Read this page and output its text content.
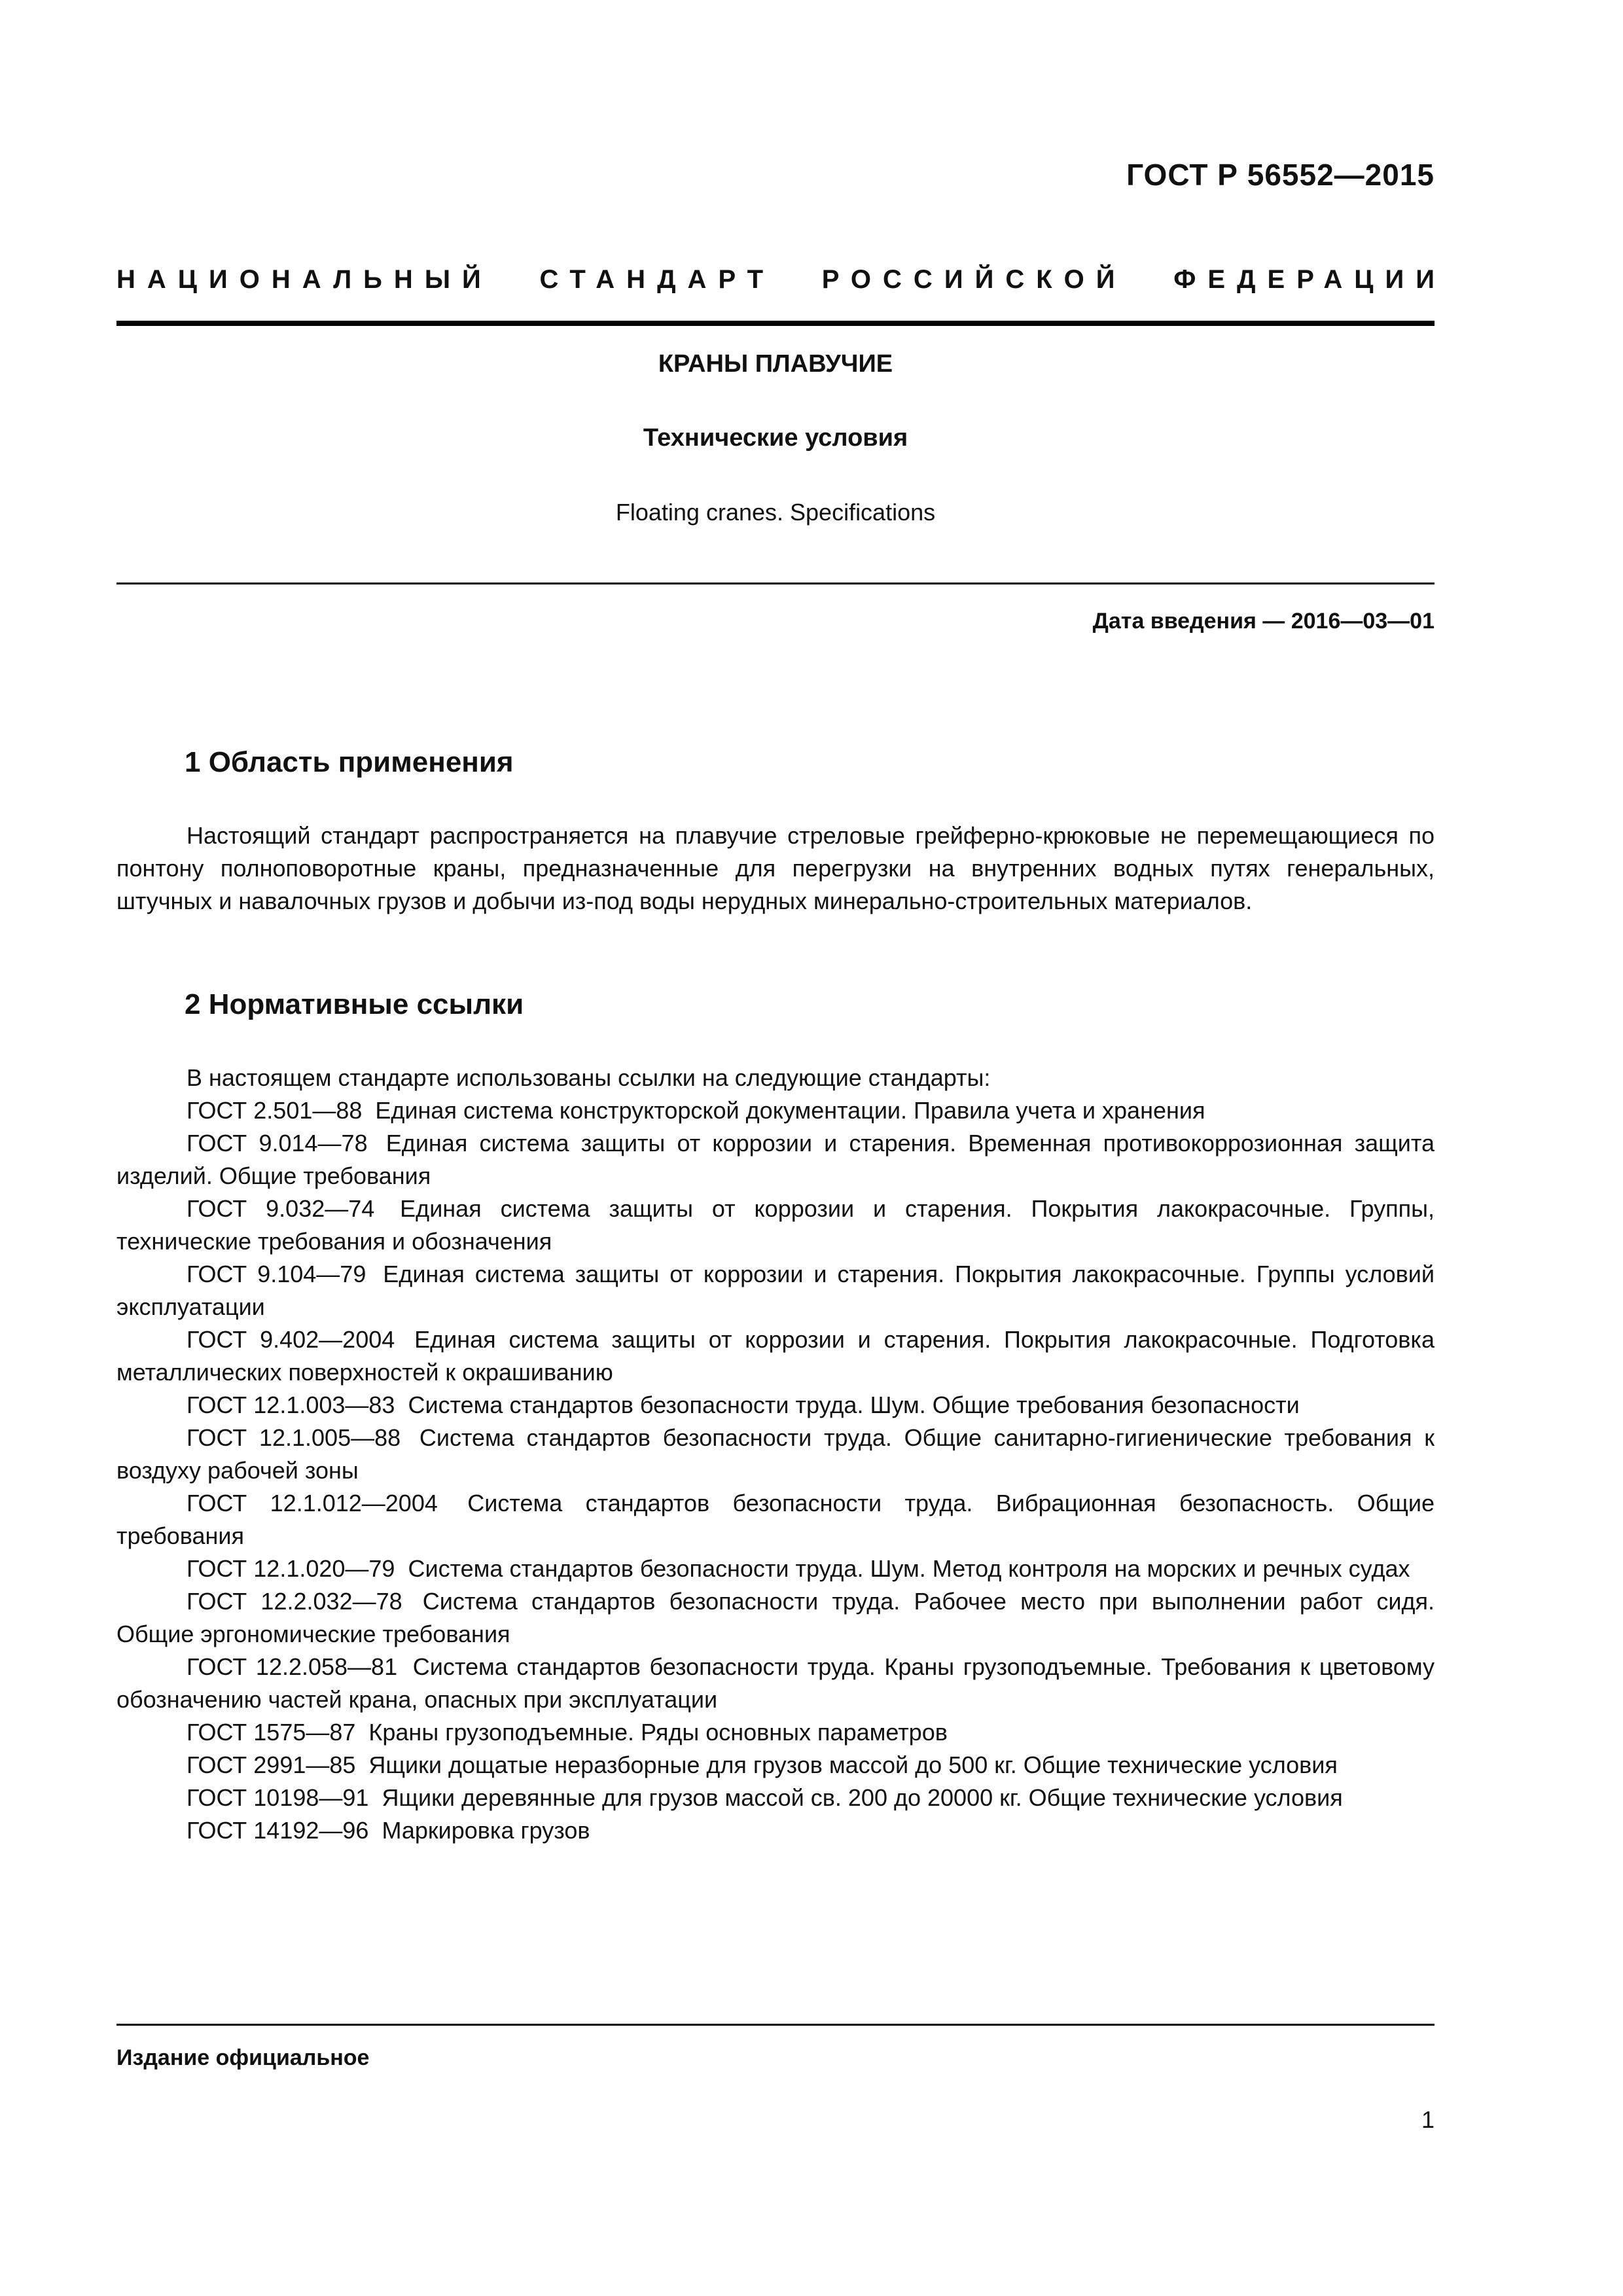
ГОСТ Р 56552—2015
НАЦИОНАЛЬНЫЙ СТАНДАРТ РОССИЙСКОЙ ФЕДЕРАЦИИ
КРАНЫ ПЛАВУЧИЕ
Технические условия
Floating cranes. Specifications
Дата введения — 2016—03—01
1 Область применения

Настоящий стандарт распространяется на плавучие стреловые грейферно-крюковые не перемещающиеся по понтону полноповоротные краны, предназначенные для перегрузки на внутренних водных путях генеральных, штучных и навалочных грузов и добычи из-под воды нерудных минерально-строительных материалов.

2 Нормативные ссылки

В настоящем стандарте использованы ссылки на следующие стандарты:

ГОСТ 2.501—88 Единая система конструкторской документации. Правила учета и хранения

ГОСТ 9.014—78 Единая система защиты от коррозии и старения. Временная противокоррозионная защита изделий. Общие требования

ГОСТ 9.032—74 Единая система защиты от коррозии и старения. Покрытия лакокрасочные. Группы, технические требования и обозначения

ГОСТ 9.104—79 Единая система защиты от коррозии и старения. Покрытия лакокрасочные. Группы условий эксплуатации

ГОСТ 9.402—2004 Единая система защиты от коррозии и старения. Покрытия лакокрасочные. Подготовка металлических поверхностей к окрашиванию

ГОСТ 12.1.003—83 Система стандартов безопасности труда. Шум. Общие требования безопасности

ГОСТ 12.1.005—88 Система стандартов безопасности труда. Общие санитарно-гигиенические требования к воздуху рабочей зоны

ГОСТ 12.1.012—2004 Система стандартов безопасности труда. Вибрационная безопасность. Общие требования

ГОСТ 12.1.020—79 Система стандартов безопасности труда. Шум. Метод контроля на морских и речных судах

ГОСТ 12.2.032—78 Система стандартов безопасности труда. Рабочее место при выполнении работ сидя. Общие эргономические требования

ГОСТ 12.2.058—81 Система стандартов безопасности труда. Краны грузоподъемные. Требования к цветовому обозначению частей крана, опасных при эксплуатации

ГОСТ 1575—87 Краны грузоподъемные. Ряды основных параметров

ГОСТ 2991—85 Ящики дощатые неразборные для грузов массой до 500 кг. Общие технические условия

ГОСТ 10198—91 Ящики деревянные для грузов массой св. 200 до 20000 кг. Общие технические условия

ГОСТ 14192—96 Маркировка грузов

Издание официальное
1
